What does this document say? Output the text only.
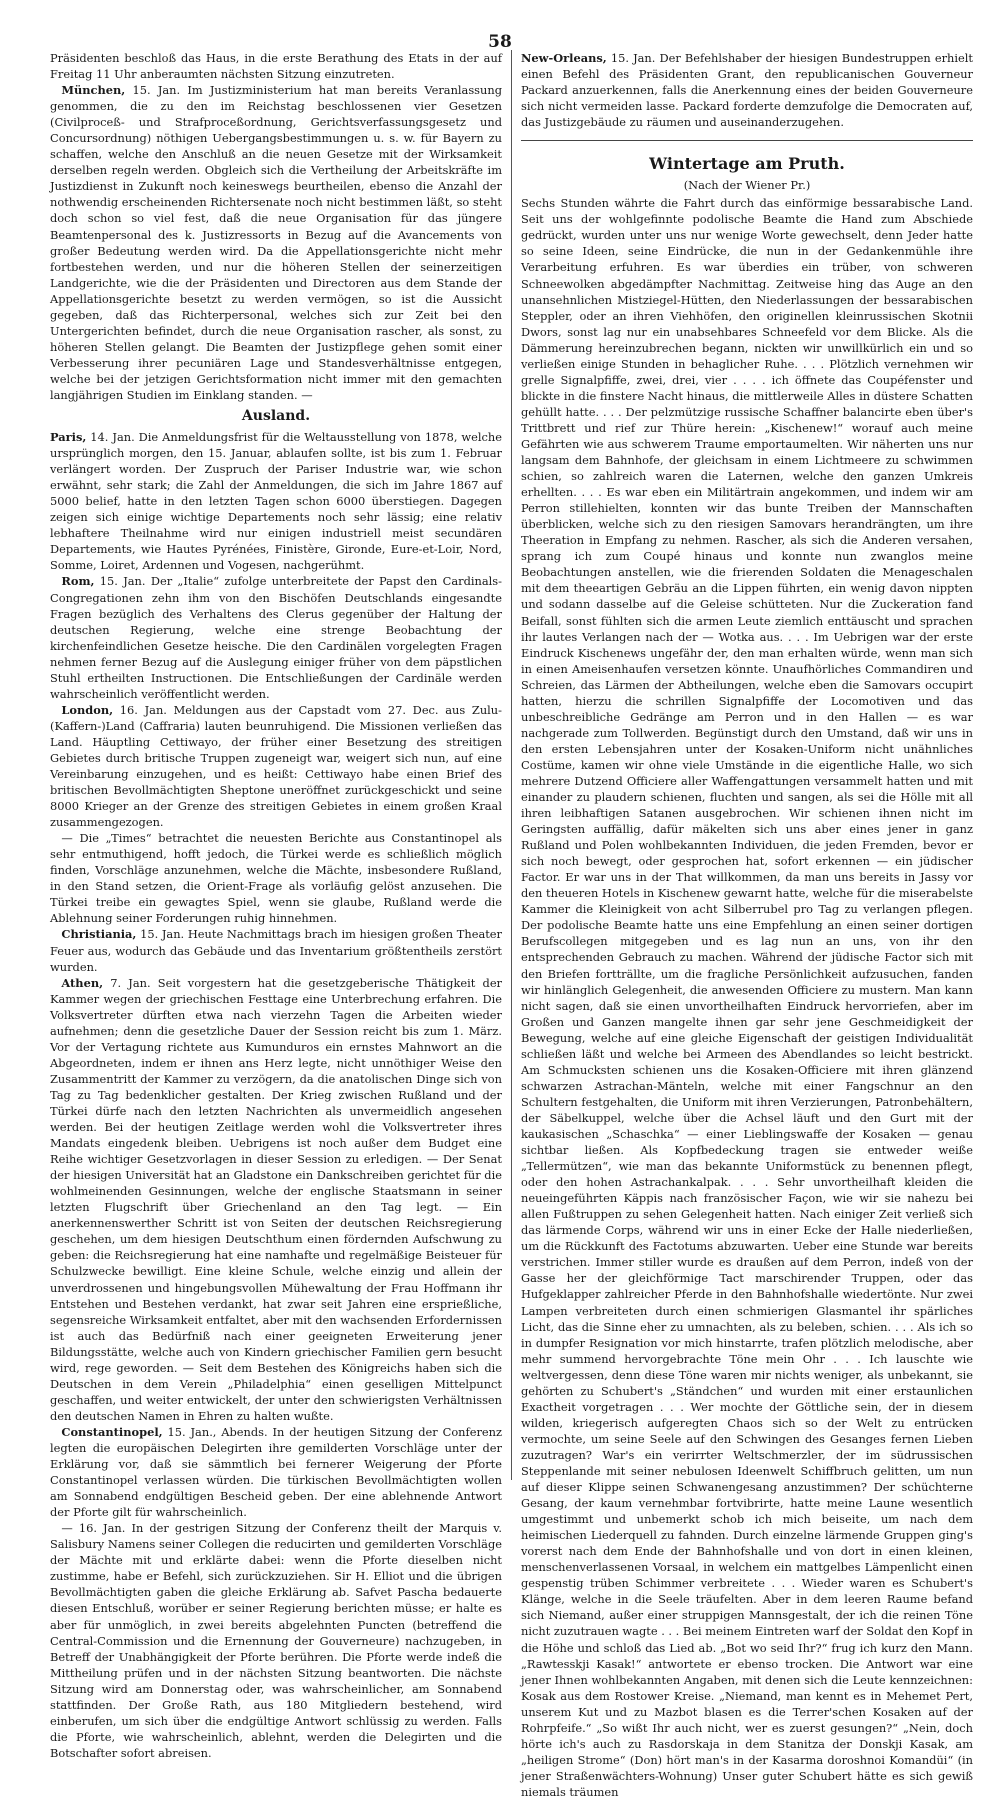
58

Präsidenten beschloß das Haus, in die erste Berathung des Etats in der auf Freitag 11 Uhr anberaumten nächsten Sitzung einzutreten.

München, 15. Jan. Im Justizministerium hat man bereits Veranlassung genommen, die zu den im Reichstag beschlossenen vier Gesetzen (Civilproceß- und Strafproceßordnung, Gerichtsverfassungsgesetz und Concursordnung) nöthigen Uebergangsbestimmungen u. s. w. für Bayern zu schaffen, welche den Anschluß an die neuen Gesetze mit der Wirksamkeit derselben regeln werden. Obgleich sich die Vertheilung der Arbeitskräfte im Justizdienst in Zukunft noch keineswegs beurtheilen, ebenso die Anzahl der nothwendig erscheinenden Richtersenate noch nicht bestimmen läßt, so steht doch schon so viel fest, daß die neue Organisation für das jüngere Beamtenpersonal des k. Justizressorts in Bezug auf die Avancements von großer Bedeutung werden wird. Da die Appellationsgerichte nicht mehr fortbestehen werden, und nur die höheren Stellen der seinerzeitigen Landgerichte, wie die der Präsidenten und Directoren aus dem Stande der Appellationsgerichte besetzt zu werden vermögen, so ist die Aussicht gegeben, daß das Richterpersonal, welches sich zur Zeit bei den Untergerichten befindet, durch die neue Organisation rascher, als sonst, zu höheren Stellen gelangt. Die Beamten der Justizpflege gehen somit einer Verbesserung ihrer pecuniären Lage und Standesverhältnisse entgegen, welche bei der jetzigen Gerichtsformation nicht immer mit den gemachten langjährigen Studien im Einklang standen. —

Ausland.

Paris, 14. Jan. Die Anmeldungsfrist für die Weltausstellung von 1878, welche ursprünglich morgen, den 15. Januar, ablaufen sollte, ist bis zum 1. Februar verlängert worden. Der Zuspruch der Pariser Industrie war, wie schon erwähnt, sehr stark; die Zahl der Anmeldungen, die sich im Jahre 1867 auf 5000 belief, hatte in den letzten Tagen schon 6000 überstiegen. Dagegen zeigen sich einige wichtige Departements noch sehr lässig; eine relativ lebhaftere Theilnahme wird nur einigen industriell meist secundären Departements, wie Hautes Pyrénées, Finistère, Gironde, Eure-et-Loir, Nord, Somme, Loiret, Ardennen und Vogesen, nachgerühmt.

Rom, 15. Jan. Der „Italie“ zufolge unterbreitete der Papst den Cardinals-Congregationen zehn ihm von den Bischöfen Deutschlands eingesandte Fragen bezüglich des Verhaltens des Clerus gegenüber der Haltung der deutschen Regierung, welche eine strenge Beobachtung der kirchenfeindlichen Gesetze heische. Die den Cardinälen vorgelegten Fragen nehmen ferner Bezug auf die Auslegung einiger früher von dem päpstlichen Stuhl ertheilten Instructionen. Die Entschließungen der Cardinäle werden wahrscheinlich veröffentlicht werden.

London, 16. Jan. Meldungen aus der Capstadt vom 27. Dec. aus Zulu-(Kaffern-)Land (Caffraria) lauten beunruhigend. Die Missionen verließen das Land. Häuptling Cettiwayo, der früher einer Besetzung des streitigen Gebietes durch britische Truppen zugeneigt war, weigert sich nun, auf eine Vereinbarung einzugehen, und es heißt: Cettiwayo habe einen Brief des britischen Bevollmächtigten Sheptone uneröffnet zurückgeschickt und seine 8000 Krieger an der Grenze des streitigen Gebietes in einem großen Kraal zusammengezogen.

— Die „Times“ betrachtet die neuesten Berichte aus Constantinopel als sehr entmuthigend, hofft jedoch, die Türkei werde es schließlich möglich finden, Vorschläge anzunehmen, welche die Mächte, insbesondere Rußland, in den Stand setzen, die Orient-Frage als vorläufig gelöst anzusehen. Die Türkei treibe ein gewagtes Spiel, wenn sie glaube, Rußland werde die Ablehnung seiner Forderungen ruhig hinnehmen.

Christiania, 15. Jan. Heute Nachmittags brach im hiesigen großen Theater Feuer aus, wodurch das Gebäude und das Inventarium größtentheils zerstört wurden.

Athen, 7. Jan. Seit vorgestern hat die gesetzgeberische Thätigkeit der Kammer wegen der griechischen Festtage eine Unterbrechung erfahren. Die Volksvertreter dürften etwa nach vierzehn Tagen die Arbeiten wieder aufnehmen; denn die gesetzliche Dauer der Session reicht bis zum 1. März. Vor der Vertagung richtete aus Kumunduros ein ernstes Mahnwort an die Abgeordneten, indem er ihnen ans Herz legte, nicht unnöthiger Weise den Zusammentritt der Kammer zu verzögern, da die anatolischen Dinge sich von Tag zu Tag bedenklicher gestalten. Der Krieg zwischen Rußland und der Türkei dürfe nach den letzten Nachrichten als unvermeidlich angesehen werden. Bei der heutigen Zeitlage werden wohl die Volksvertreter ihres Mandats eingedenk bleiben. Uebrigens ist noch außer dem Budget eine Reihe wichtiger Gesetzvorlagen in dieser Session zu erledigen. — Der Senat der hiesigen Universität hat an Gladstone ein Dankschreiben gerichtet für die wohlmeinenden Gesinnungen, welche der englische Staatsmann in seiner letzten Flugschrift über Griechenland an den Tag legt. — Ein anerkennenswerther Schritt ist von Seiten der deutschen Reichsregierung geschehen, um dem hiesigen Deutschthum einen fördernden Aufschwung zu geben: die Reichsregierung hat eine namhafte und regelmäßige Beisteuer für Schulzwecke bewilligt. Eine kleine Schule, welche einzig und allein der unverdrossenen und hingebungsvollen Mühewaltung der Frau Hoffmann ihr Entstehen und Bestehen verdankt, hat zwar seit Jahren eine ersprießliche, segensreiche Wirksamkeit entfaltet, aber mit den wachsenden Erfordernissen ist auch das Bedürfniß nach einer geeigneten Erweiterung jener Bildungsstätte, welche auch von Kindern griechischer Familien gern besucht wird, rege geworden. — Seit dem Bestehen des Königreichs haben sich die Deutschen in dem Verein „Philadelphia“ einen geselligen Mittelpunct geschaffen, und weiter entwickelt, der unter den schwierigsten Verhältnissen den deutschen Namen in Ehren zu halten wußte.

Constantinopel, 15. Jan., Abends. In der heutigen Sitzung der Conferenz legten die europäischen Delegirten ihre gemilderten Vorschläge unter der Erklärung vor, daß sie sämmtlich bei fernerer Weigerung der Pforte Constantinopel verlassen würden. Die türkischen Bevollmächtigten wollen am Sonnabend endgültigen Bescheid geben. Der eine ablehnende Antwort der Pforte gilt für wahrscheinlich.

— 16. Jan. In der gestrigen Sitzung der Conferenz theilt der Marquis v. Salisbury Namens seiner Collegen die reducirten und gemilderten Vorschläge der Mächte mit und erklärte dabei: wenn die Pforte dieselben nicht zustimme, habe er Befehl, sich zurückzuziehen. Sir H. Elliot und die übrigen Bevollmächtigten gaben die gleiche Erklärung ab. Safvet Pascha bedauerte diesen Entschluß, worüber er seiner Regierung berichten müsse; er halte es aber für unmöglich, in zwei bereits abgelehnten Puncten (betreffend die Central-Commission und die Ernennung der Gouverneure) nachzugeben, in Betreff der Unabhängigkeit der Pforte berühren. Die Pforte werde indeß die Mittheilung prüfen und in der nächsten Sitzung beantworten. Die nächste Sitzung wird am Donnerstag oder, was wahrscheinlicher, am Sonnabend stattfinden. Der Große Rath, aus 180 Mitgliedern bestehend, wird einberufen, um sich über die endgültige Antwort schlüssig zu werden. Falls die Pforte, wie wahrscheinlich, ablehnt, werden die Delegirten und die Botschafter sofort abreisen.

New-Orleans, 15. Jan. Der Befehlshaber der hiesigen Bundestruppen erhielt einen Befehl des Präsidenten Grant, den republicanischen Gouverneur Packard anzuerkennen, falls die Anerkennung eines der beiden Gouverneure sich nicht vermeiden lasse. Packard forderte demzufolge die Democraten auf, das Justizgebäude zu räumen und auseinanderzugehen.

Wintertage am Pruth.
(Nach der Wiener Pr.)

Sechs Stunden währte die Fahrt durch das einförmige bessarabische Land. Seit uns der wohlgefinnte podolische Beamte die Hand zum Abschiede gedrückt, wurden unter uns nur wenige Worte gewechselt, denn Jeder hatte so seine Ideen, seine Eindrücke, die nun in der Gedankenmühle ihre Verarbeitung erfuhren. Es war überdies ein trüber, von schweren Schneewolken abgedämpfter Nachmittag. Zeitweise hing das Auge an den unansehnlichen Mistziegel-Hütten, den Niederlassungen der bessarabischen Steppler, oder an ihren Viehhöfen, den originellen kleinrussischen Skotnii Dwors, sonst lag nur ein unabsehbares Schneefeld vor dem Blicke. Als die Dämmerung hereinzubrechen begann, nickten wir unwillkürlich ein und so verließen einige Stunden in behaglicher Ruhe. . . . Plötzlich vernehmen wir grelle Signalpfiffe, zwei, drei, vier . . . . ich öffnete das Coupéfenster und blickte in die finstere Nacht hinaus, die mittlerweile Alles in düstere Schatten gehüllt hatte. . . . Der pelzmützige russische Schaffner balancirte eben über's Trittbrett und rief zur Thüre herein: „Kischenew!“ worauf auch meine Gefährten wie aus schwerem Traume emportaumelten. Wir näherten uns nur langsam dem Bahnhofe, der gleichsam in einem Lichtmeere zu schwimmen schien, so zahlreich waren die Laternen, welche den ganzen Umkreis erhellten. . . . Es war eben ein Militärtrain angekommen, und indem wir am Perron stillehielten, konnten wir das bunte Treiben der Mannschaften überblicken, welche sich zu den riesigen Samovars herandrängten, um ihre Theeration in Empfang zu nehmen. Rascher, als sich die Anderen versahen, sprang ich zum Coupé hinaus und konnte nun zwanglos meine Beobachtungen anstellen, wie die frierenden Soldaten die Menageschalen mit dem theeartigen Gebräu an die Lippen führten, ein wenig davon nippten und sodann dasselbe auf die Geleise schütteten. Nur die Zuckeration fand Beifall, sonst fühlten sich die armen Leute ziemlich enttäuscht und sprachen ihr lautes Verlangen nach der — Wotka aus. . . . Im Uebrigen war der erste Eindruck Kischenews ungefähr der, den man erhalten würde, wenn man sich in einen Ameisenhaufen versetzen könnte. Unaufhörliches Commandiren und Schreien, das Lärmen der Abtheilungen, welche eben die Samovars occupirt hatten, hierzu die schrillen Signalpfiffe der Locomotiven und das unbeschreibliche Gedränge am Perron und in den Hallen — es war nachgerade zum Tollwerden. Begünstigt durch den Umstand, daß wir uns in den ersten Lebensjahren unter der Kosaken-Uniform nicht unähnliches Costüme, kamen wir ohne viele Umstände in die eigentliche Halle, wo sich mehrere Dutzend Officiere aller Waffengattungen versammelt hatten und mit einander zu plaudern schienen, fluchten und sangen, als sei die Hölle mit all ihren leibhaftigen Satanen ausgebrochen. Wir schienen ihnen nicht im Geringsten auffällig, dafür mäkelten sich uns aber eines jener in ganz Rußland und Polen wohlbekannten Individuen, die jeden Fremden, bevor er sich noch bewegt, oder gesprochen hat, sofort erkennen — ein jüdischer Factor. Er war uns in der That willkommen, da man uns bereits in Jassy vor den theueren Hotels in Kischenew gewarnt hatte, welche für die miserabelste Kammer die Kleinigkeit von acht Silberrubel pro Tag zu verlangen pflegen. Der podolische Beamte hatte uns eine Empfehlung an einen seiner dortigen Berufscollegen mitgegeben und es lag nun an uns, von ihr den entsprechenden Gebrauch zu machen. Während der jüdische Factor sich mit den Briefen fortträllte, um die fragliche Persönlichkeit aufzusuchen, fanden wir hinlänglich Gelegenheit, die anwesenden Officiere zu mustern. Man kann nicht sagen, daß sie einen unvortheilhaften Eindruck hervorriefen, aber im Großen und Ganzen mangelte ihnen gar sehr jene Geschmeidigkeit der Bewegung, welche auf eine gleiche Eigenschaft der geistigen Individualität schließen läßt und welche bei Armeen des Abendlandes so leicht bestrickt. Am Schmucksten schienen uns die Kosaken-Officiere mit ihren glänzend schwarzen Astrachan-Mänteln, welche mit einer Fangschnur an den Schultern festgehalten, die Uniform mit ihren Verzierungen, Patronbehältern, der Säbelkuppel, welche über die Achsel läuft und den Gurt mit der kaukasischen „Schaschka“ — einer Lieblingswaffe der Kosaken — genau sichtbar ließen. Als Kopfbedeckung tragen sie entweder weiße „Tellermützen“, wie man das bekannte Uniformstück zu benennen pflegt, oder den hohen Astrachankalpak. . . . Sehr unvortheilhaft kleiden die neueingeführten Käppis nach französischer Façon, wie wir sie nahezu bei allen Fußtruppen zu sehen Gelegenheit hatten. Nach einiger Zeit verließ sich das lärmende Corps, während wir uns in einer Ecke der Halle niederließen, um die Rückkunft des Factotums abzuwarten. Ueber eine Stunde war bereits verstrichen. Immer stiller wurde es draußen auf dem Perron, indeß von der Gasse her der gleichförmige Tact marschirender Truppen, oder das Hufgeklapper zahlreicher Pferde in den Bahnhofshalle wiedertönte. Nur zwei Lampen verbreiteten durch einen schmierigen Glasmantel ihr spärliches Licht, das die Sinne eher zu umnachten, als zu beleben, schien. . . . Als ich so in dumpfer Resignation vor mich hinstarrte, trafen plötzlich melodische, aber mehr summend hervorgebrachte Töne mein Ohr . . . Ich lauschte wie weltvergessen, denn diese Töne waren mir nichts weniger, als unbekannt, sie gehörten zu Schubert's „Ständchen“ und wurden mit einer erstaunlichen Exactheit vorgetragen . . . Wer mochte der Göttliche sein, der in diesem wilden, kriegerisch aufgeregten Chaos sich so der Welt zu entrücken vermochte, um seine Seele auf den Schwingen des Gesanges fernen Lieben zuzutragen? War's ein verirrter Weltschmerzler, der im südrussischen Steppenlande mit seiner nebulosen Ideenwelt Schiffbruch gelitten, um nun auf dieser Klippe seinen Schwanengesang anzustimmen? Der schüchterne Gesang, der kaum vernehmbar fortvibrirte, hatte meine Laune wesentlich umgestimmt und unbemerkt schob ich mich beiseite, um nach dem heimischen Liederquell zu fahnden. Durch einzelne lärmende Gruppen ging's vorerst nach dem Ende der Bahnhofshalle und von dort in einen kleinen, menschenverlassenen Vorsaal, in welchem ein mattgelbes Lämpenlicht einen gespenstig trüben Schimmer verbreitete . . . Wieder waren es Schubert's Klänge, welche in die Seele träufelten. Aber in dem leeren Raume befand sich Niemand, außer einer struppigen Mannsgestalt, der ich die reinen Töne nicht zuzutrauen wagte . . . Bei meinem Eintreten warf der Soldat den Kopf in die Höhe und schloß das Lied ab. „Bot wo seid Ihr?“ frug ich kurz den Mann. „Rawtesskji Kasak!“ antwortete er ebenso trocken. Die Antwort war eine jener Ihnen wohlbekannten Angaben, mit denen sich die Leute kennzeichnen: Kosak aus dem Rostower Kreise. „Niemand, man kennt es in Mehemet Pert, unserem Kut und zu Mazbot blasen es die Terrer'schen Kosaken auf der Rohrpfeife.“ „So wißt Ihr auch nicht, wer es zuerst gesungen?“ „Nein, doch hörte ich's auch zu Rasdorskaja in dem Stanitza der Donskji Kasak, am „heiligen Strome“ (Don) hört man's in der Kasarma doroshnoi Komandüi“ (in jener Straßenwächters-Wohnung) Unser guter Schubert hätte es sich gewiß niemals träumen
